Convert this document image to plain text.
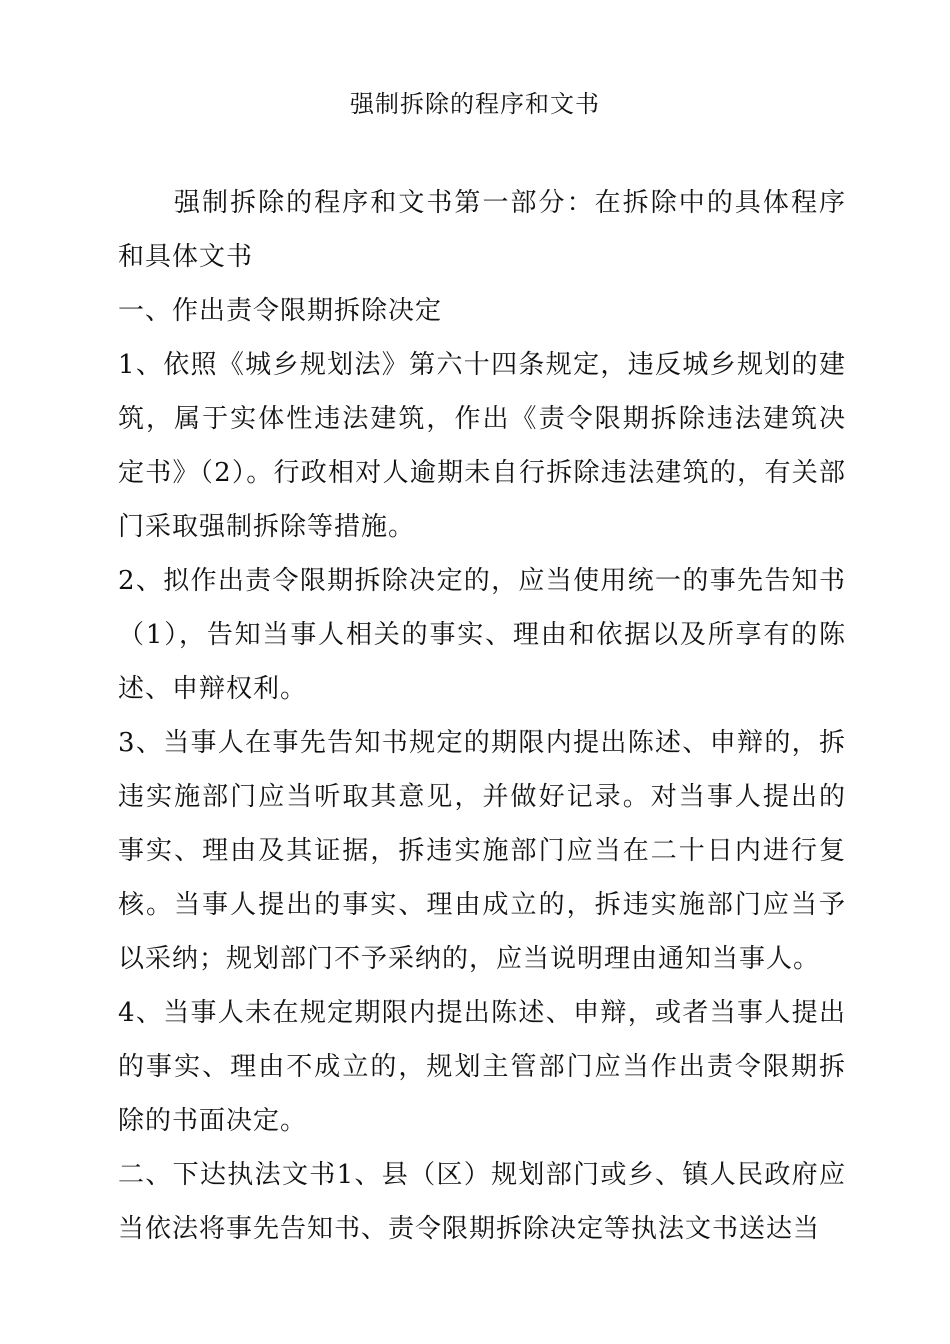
强制拆除的程序和文书

强制拆除的程序和文书第一部分：在拆除中的具体程序和具体文书

一、作出责令限期拆除决定

1、依照《城乡规划法》第六十四条规定，违反城乡规划的建筑，属于实体性违法建筑，作出《责令限期拆除违法建筑决定书》（2）。行政相对人逾期未自行拆除违法建筑的，有关部门采取强制拆除等措施。

2、拟作出责令限期拆除决定的，应当使用统一的事先告知书（1），告知当事人相关的事实、理由和依据以及所享有的陈述、申辩权利。

3、当事人在事先告知书规定的期限内提出陈述、申辩的，拆违实施部门应当听取其意见，并做好记录。对当事人提出的事实、理由及其证据，拆违实施部门应当在二十日内进行复核。当事人提出的事实、理由成立的，拆违实施部门应当予以采纳；规划部门不予采纳的，应当说明理由通知当事人。

4、当事人未在规定期限内提出陈述、申辩，或者当事人提出的事实、理由不成立的，规划主管部门应当作出责令限期拆除的书面决定。

二、下达执法文书1、县（区）规划部门或乡、镇人民政府应当依法将事先告知书、责令限期拆除决定等执法文书送达当
